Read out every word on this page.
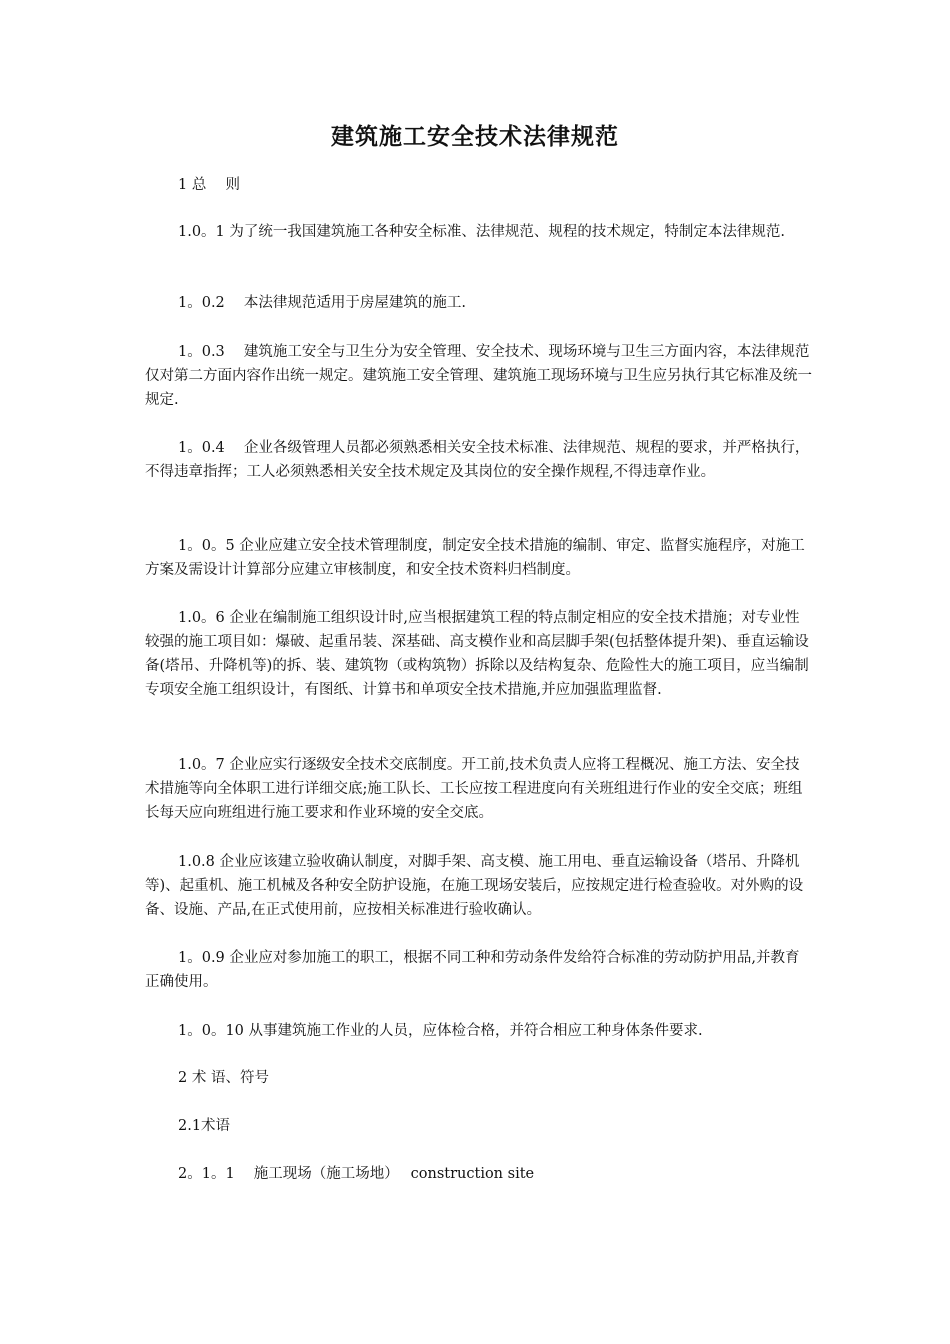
建筑施工安全技术法律规范
1 总　 则
1.0。1 为了统一我国建筑施工各种安全标准、法律规范、规程的技术规定，特制定本法律规范.
1。0.2　 本法律规范适用于房屋建筑的施工.
1。0.3　 建筑施工安全与卫生分为安全管理、安全技术、现场环境与卫生三方面内容，本法律规范仅对第二方面内容作出统一规定。建筑施工安全管理、建筑施工现场环境与卫生应另执行其它标准及统一规定.
1。0.4　 企业各级管理人员都必须熟悉相关安全技术标准、法律规范、规程的要求，并严格执行，不得违章指挥；工人必须熟悉相关安全技术规定及其岗位的安全操作规程,不得违章作业。
1。0。5 企业应建立安全技术管理制度，制定安全技术措施的编制、审定、监督实施程序，对施工方案及需设计计算部分应建立审核制度，和安全技术资料归档制度。
1.0。6 企业在编制施工组织设计时,应当根据建筑工程的特点制定相应的安全技术措施；对专业性较强的施工项目如：爆破、起重吊装、深基础、高支模作业和高层脚手架(包括整体提升架)、垂直运输设备(塔吊、升降机等)的拆、装、建筑物（或构筑物）拆除以及结构复杂、危险性大的施工项目，应当编制专项安全施工组织设计，有图纸、计算书和单项安全技术措施,并应加强监理监督.
1.0。7 企业应实行逐级安全技术交底制度。开工前,技术负责人应将工程概况、施工方法、安全技术措施等向全体职工进行详细交底;施工队长、工长应按工程进度向有关班组进行作业的安全交底；班组长每天应向班组进行施工要求和作业环境的安全交底。
1.0.8 企业应该建立验收确认制度，对脚手架、高支模、施工用电、垂直运输设备（塔吊、升降机等)、起重机、施工机械及各种安全防护设施，在施工现场安装后，应按规定进行检查验收。对外购的设备、设施、产品,在正式使用前，应按相关标准进行验收确认。
1。0.9 企业应对参加施工的职工，根据不同工种和劳动条件发给符合标准的劳动防护用品,并教育正确使用。
1。0。10 从事建筑施工作业的人员，应体检合格，并符合相应工种身体条件要求.
2 术 语、符号
2.1术语
2。1。1　 施工现场（施工场地）　 construction site
